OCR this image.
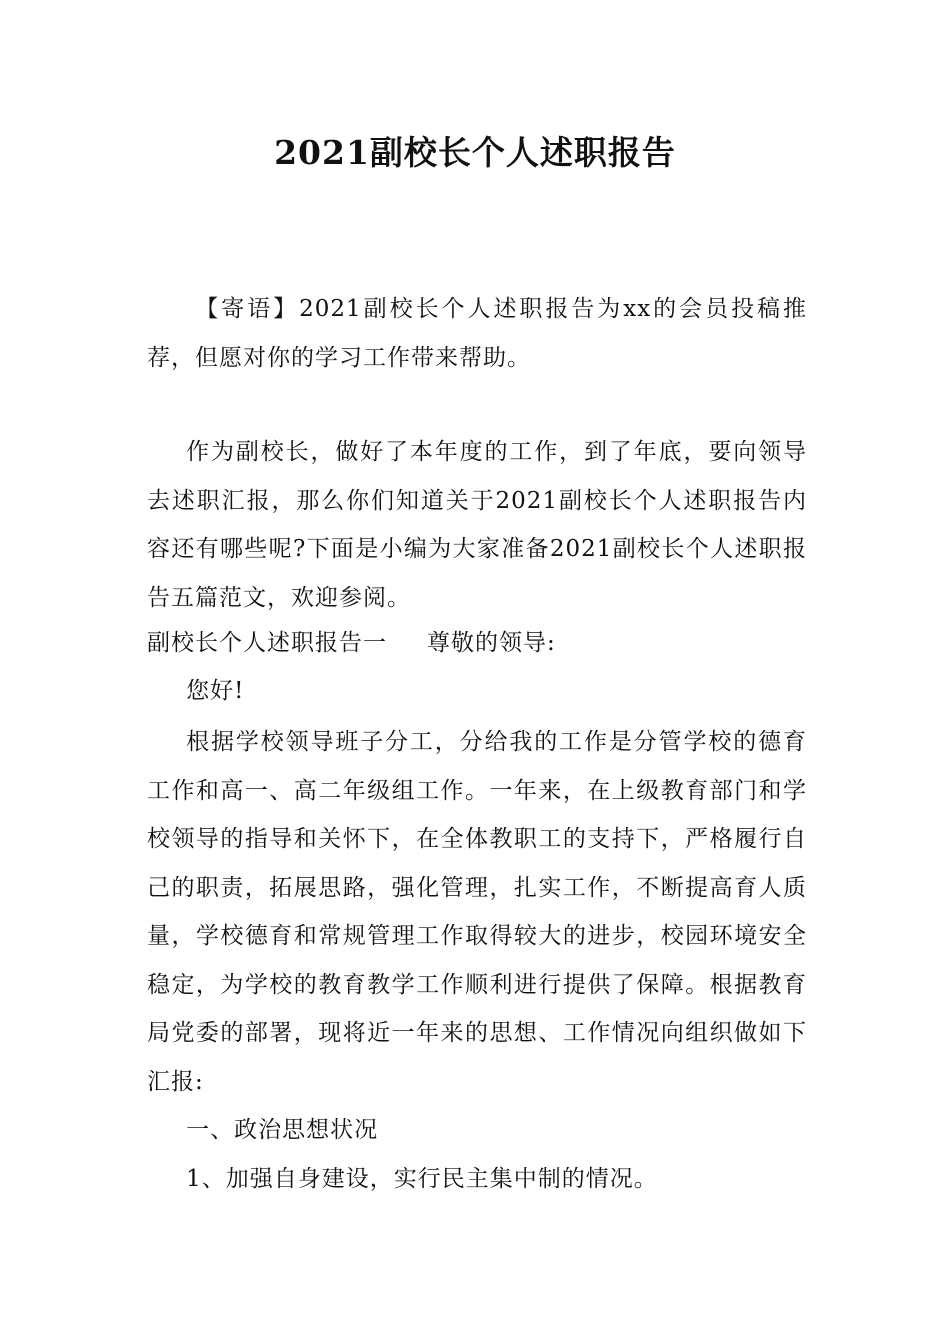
2021副校长个人述职报告

【寄语】2021副校长个人述职报告为xx的会员投稿推荐，但愿对你的学习工作带来帮助。

作为副校长，做好了本年度的工作，到了年底，要向领导去述职汇报，那么你们知道关于2021副校长个人述职报告内容还有哪些呢?下面是小编为大家准备2021副校长个人述职报告五篇范文，欢迎参阅。

副校长个人述职报告一 尊敬的领导:

您好!

根据学校领导班子分工，分给我的工作是分管学校的德育工作和高一、高二年级组工作。一年来，在上级教育部门和学校领导的指导和关怀下，在全体教职工的支持下，严格履行自己的职责，拓展思路，强化管理，扎实工作，不断提高育人质量，学校德育和常规管理工作取得较大的进步，校园环境安全稳定，为学校的教育教学工作顺利进行提供了保障。根据教育局党委的部署，现将近一年来的思想、工作情况向组织做如下汇报:

一、政治思想状况

1、加强自身建设，实行民主集中制的情况。
